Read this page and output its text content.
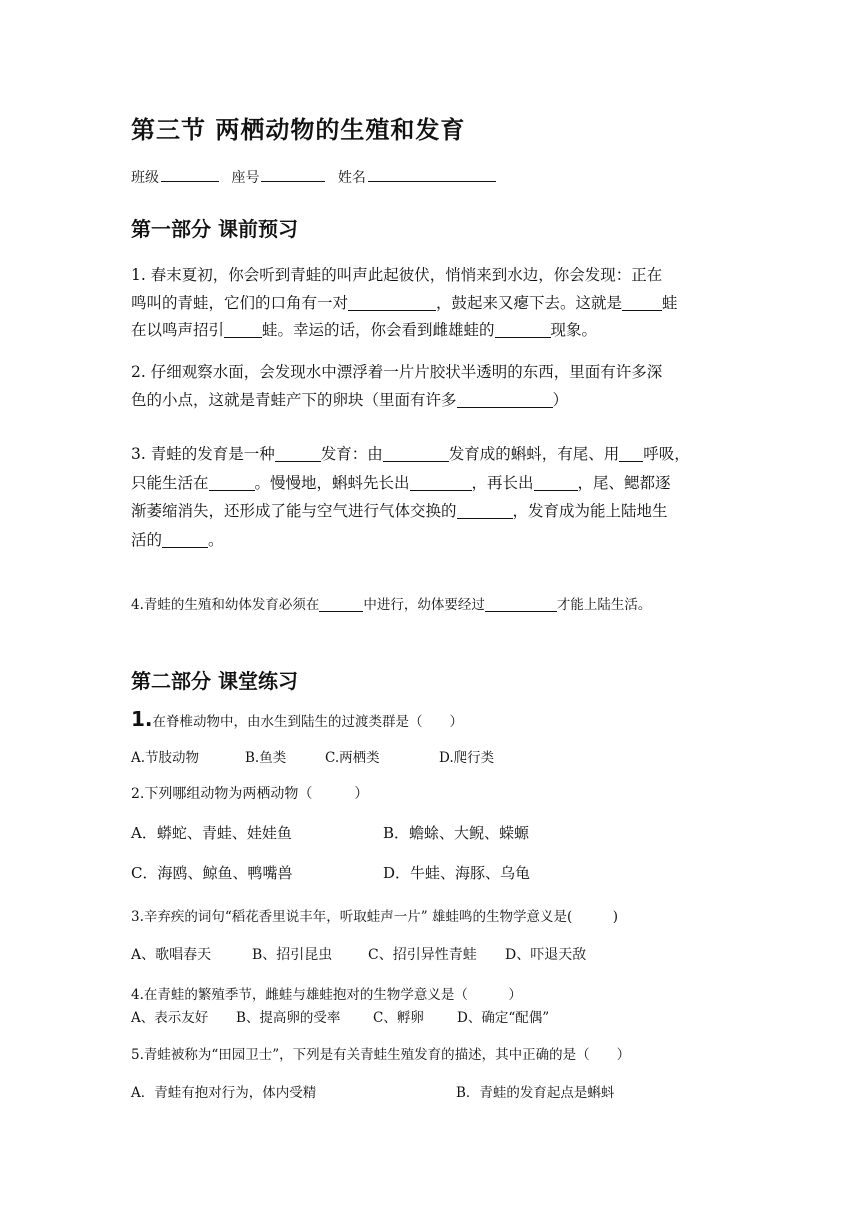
第三节 两栖动物的生殖和发育
班级	座号	姓名
第一部分 课前预习
1. 春末夏初，你会听到青蛙的叫声此起彼伏，悄悄来到水边，你会发现：正在
鸣叫的青蛙，它们的口角有一对	，鼓起来又瘪下去。这就是	蛙
在以鸣声招引 蛙。幸运的话，你会看到雌雄蛙的	现象。
2. 仔细观察水面，会发现水中漂浮着一片片胶状半透明的东西，里面有许多深
色的小点，这就是青蛙产下的卵块（里面有许多	）
3. 青蛙的发育是一种	发育：由	发育成的蝌蚪，有尾、用 呼吸，
只能生活在	。慢慢地，蝌蚪先长出	，再长出	，尾、鳃都逐
渐萎缩消失，还形成了能与空气进行气体交换的	，发育成为能上陆地生
活的	。
4.青蛙的生殖和幼体发育必须在	中进行，幼体要经过	才能上陆生活。
第二部分 课堂练习
1.在脊椎动物中，由水生到陆生的过渡类群是（　　）
A.节肢动物	B.鱼类	C.两栖类	D.爬行类
2.下列哪组动物为两栖动物（　　　）
A．蟒蛇、青蛙、娃娃鱼	B．蟾蜍、大鲵、蝾螈
C．海鸥、鲸鱼、鸭嘴兽	D．牛蛙、海豚、乌龟
3.辛弃疾的词句“稻花香里说丰年，听取蛙声一片” 雄蛙鸣的生物学意义是(　　　)
A、歌唱春天	B、招引昆虫	C、招引异性青蛙 D、吓退天敌
4.在青蛙的繁殖季节，雌蛙与雄蛙抱对的生物学意义是（　　　）
A、表示友好 B、提高卵的受率 C、孵卵 D、确定“配偶”
5.青蛙被称为“田园卫士”，下列是有关青蛙生殖发育的描述，其中正确的是（　　）
A．青蛙有抱对行为，体内受精	B．青蛙的发育起点是蝌蚪
